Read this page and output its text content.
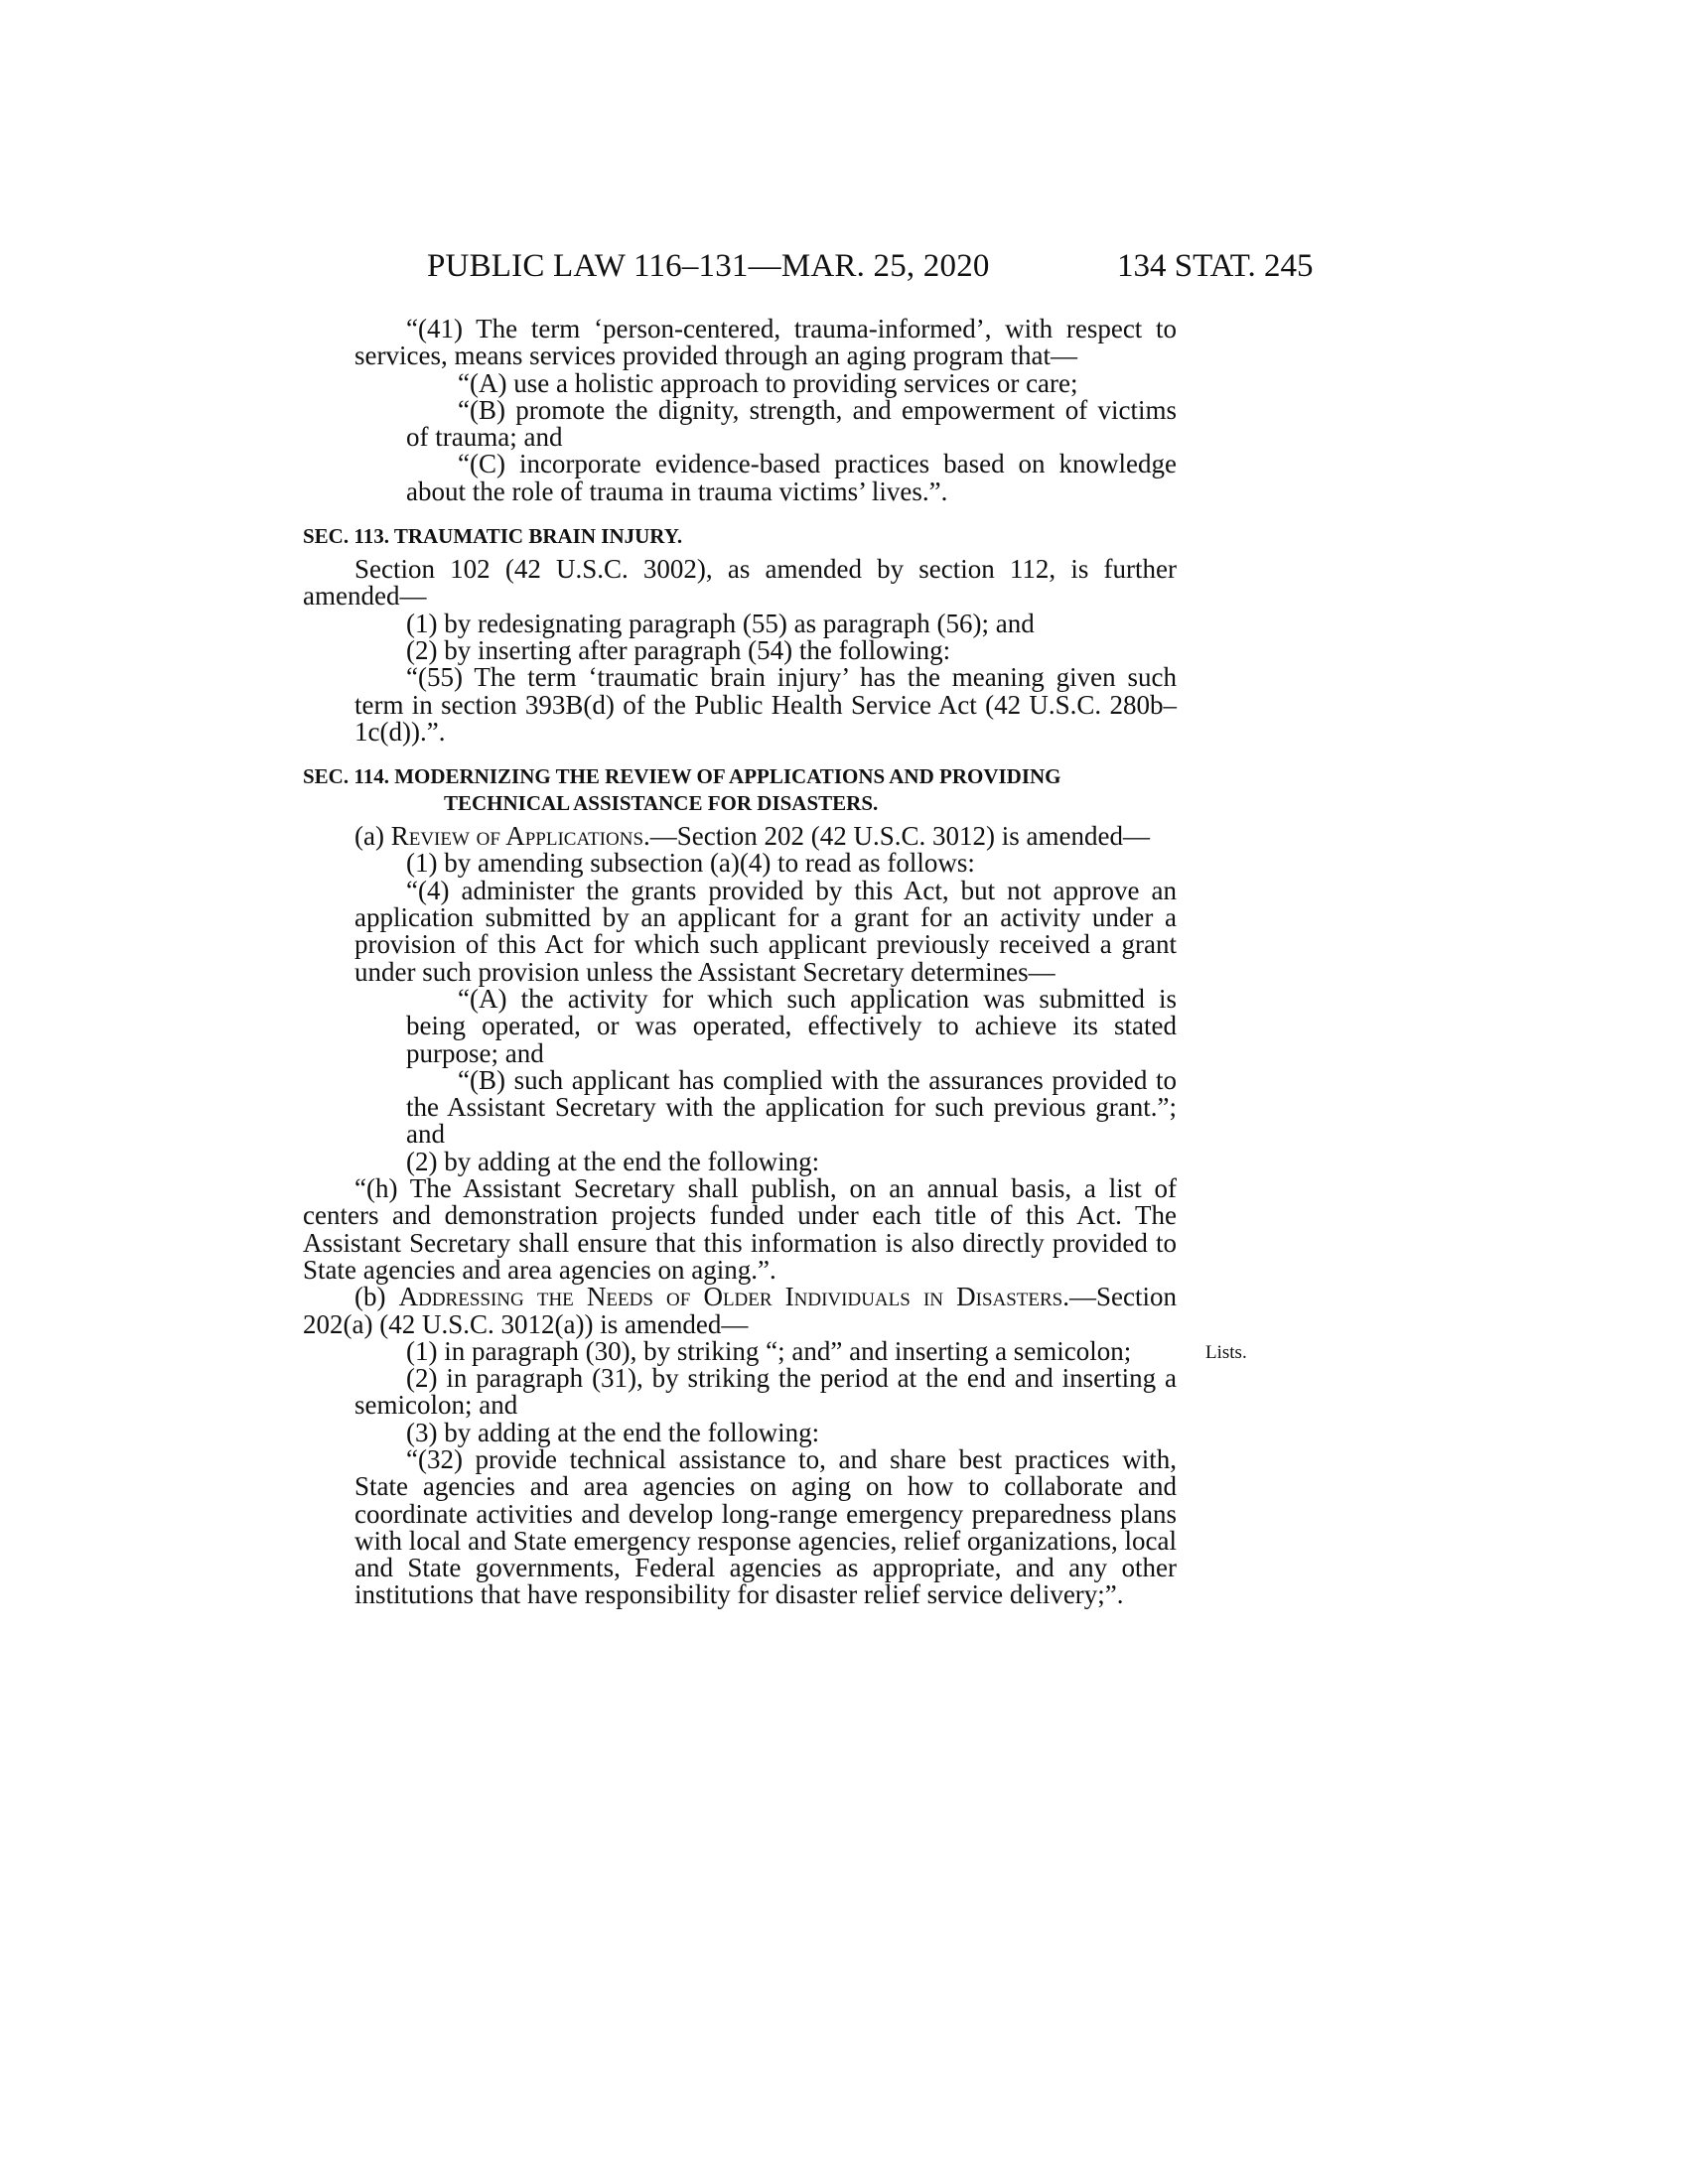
PUBLIC LAW 116–131—MAR. 25, 2020	134 STAT. 245

“(41) The term ‘person-centered, trauma-informed’, with respect to services, means services provided through an aging program that—

“(A) use a holistic approach to providing services or care;

“(B) promote the dignity, strength, and empowerment of victims of trauma; and

“(C) incorporate evidence-based practices based on knowledge about the role of trauma in trauma victims’ lives.”.

SEC. 113. TRAUMATIC BRAIN INJURY.

Section 102 (42 U.S.C. 3002), as amended by section 112, is further amended—

(1) by redesignating paragraph (55) as paragraph (56); and

(2) by inserting after paragraph (54) the following:

“(55) The term ‘traumatic brain injury’ has the meaning given such term in section 393B(d) of the Public Health Service Act (42 U.S.C. 280b–1c(d)).”.

SEC. 114. MODERNIZING THE REVIEW OF APPLICATIONS AND PROVIDING TECHNICAL ASSISTANCE FOR DISASTERS.

(a) Review of Applications.—Section 202 (42 U.S.C. 3012) is amended—

(1) by amending subsection (a)(4) to read as follows:

“(4) administer the grants provided by this Act, but not approve an application submitted by an applicant for a grant for an activity under a provision of this Act for which such applicant previously received a grant under such provision unless the Assistant Secretary determines—

“(A) the activity for which such application was submitted is being operated, or was operated, effectively to achieve its stated purpose; and

“(B) such applicant has complied with the assurances provided to the Assistant Secretary with the application for such previous grant.”; and

(2) by adding at the end the following:

“(h) The Assistant Secretary shall publish, on an annual basis, a list of centers and demonstration projects funded under each title of this Act. The Assistant Secretary shall ensure that this information is also directly provided to State agencies and area agencies on aging.”.

(b) Addressing the Needs of Older Individuals in Disasters.—Section 202(a) (42 U.S.C. 3012(a)) is amended—

(1) in paragraph (30), by striking “; and” and inserting a semicolon;

(2) in paragraph (31), by striking the period at the end and inserting a semicolon; and

(3) by adding at the end the following:

“(32) provide technical assistance to, and share best practices with, State agencies and area agencies on aging on how to collaborate and coordinate activities and develop long-range emergency preparedness plans with local and State emergency response agencies, relief organizations, local and State governments, Federal agencies as appropriate, and any other institutions that have responsibility for disaster relief service delivery;”.

Lists.
